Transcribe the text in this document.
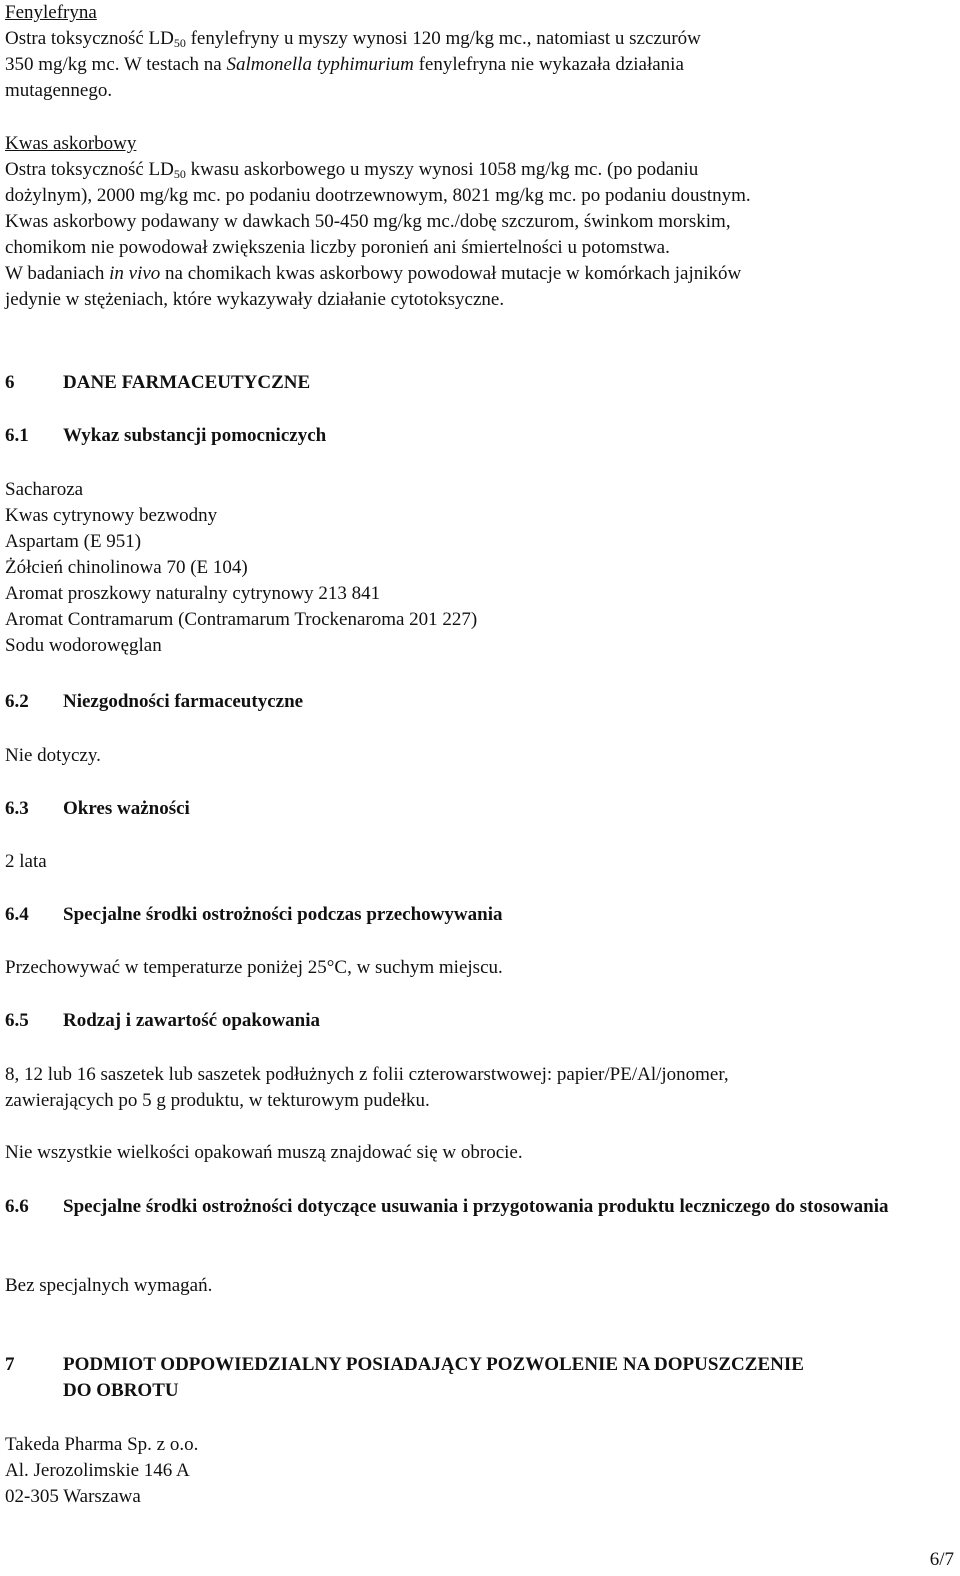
Fenylefryna
Ostra toksyczność $LD_{50}$ fenylefryny u myszy wynosi 120 mg/kg mc., natomiast u szczurów
350 mg/kg mc. W testach na Salmonella typhimurium fenylefryna nie wykazała działania
mutagennego.
Kwas askorbowy
Ostra toksyczność $LD_{50}$ kwasu askorbowego u myszy wynosi 1058 mg/kg mc. (po podaniu
dożylnym), 2000 mg/kg mc. po podaniu dootrzewnowym, 8021 mg/kg mc. po podaniu doustnym.
Kwas askorbowy podawany w dawkach 50-450 mg/kg mc./dobę szczurom, świnkom morskim,
chomikom nie powodował zwiększenia liczby poronień ani śmiertelności u potomstwa.
W badaniach in vivo na chomikach kwas askorbowy powodował mutacje w komórkach jajników
jedynie w stężeniach, które wykazywały działanie cytotoksyczne.
6	DANE FARMACEUTYCZNE
6.1	Wykaz substancji pomocniczych
Sacharoza
Kwas cytrynowy bezwodny
Aspartam (E 951)
Żółcień chinolinowa 70 (E 104)
Aromat proszkowy naturalny cytrynowy 213 841
Aromat Contramarum (Contramarum Trockenaroma 201 227)
Sodu wodorowęglan
6.2	Niezgodności farmaceutyczne
Nie dotyczy.
6.3	Okres ważności
2 lata
6.4	Specjalne środki ostrożności podczas przechowywania
Przechowywać w temperaturze poniżej 25°C, w suchym miejscu.
6.5	Rodzaj i zawartość opakowania
8, 12 lub 16 saszetek lub saszetek podłużnych z folii czterowarstwowej: papier/PE/Al/jonomer,
zawierających po 5 g produktu, w tekturowym pudełku.
Nie wszystkie wielkości opakowań muszą znajdować się w obrocie.
6.6	Specjalne środki ostrożności dotyczące usuwania i przygotowania produktu leczniczego do stosowania
Bez specjalnych wymagań.
7	PODMIOT ODPOWIEDZIALNY POSIADAJĄCY POZWOLENIE NA DOPUSZCZENIE DO OBROTU
Takeda Pharma Sp. z o.o.
Al. Jerozolimskie 146 A
02-305 Warszawa
6/7
